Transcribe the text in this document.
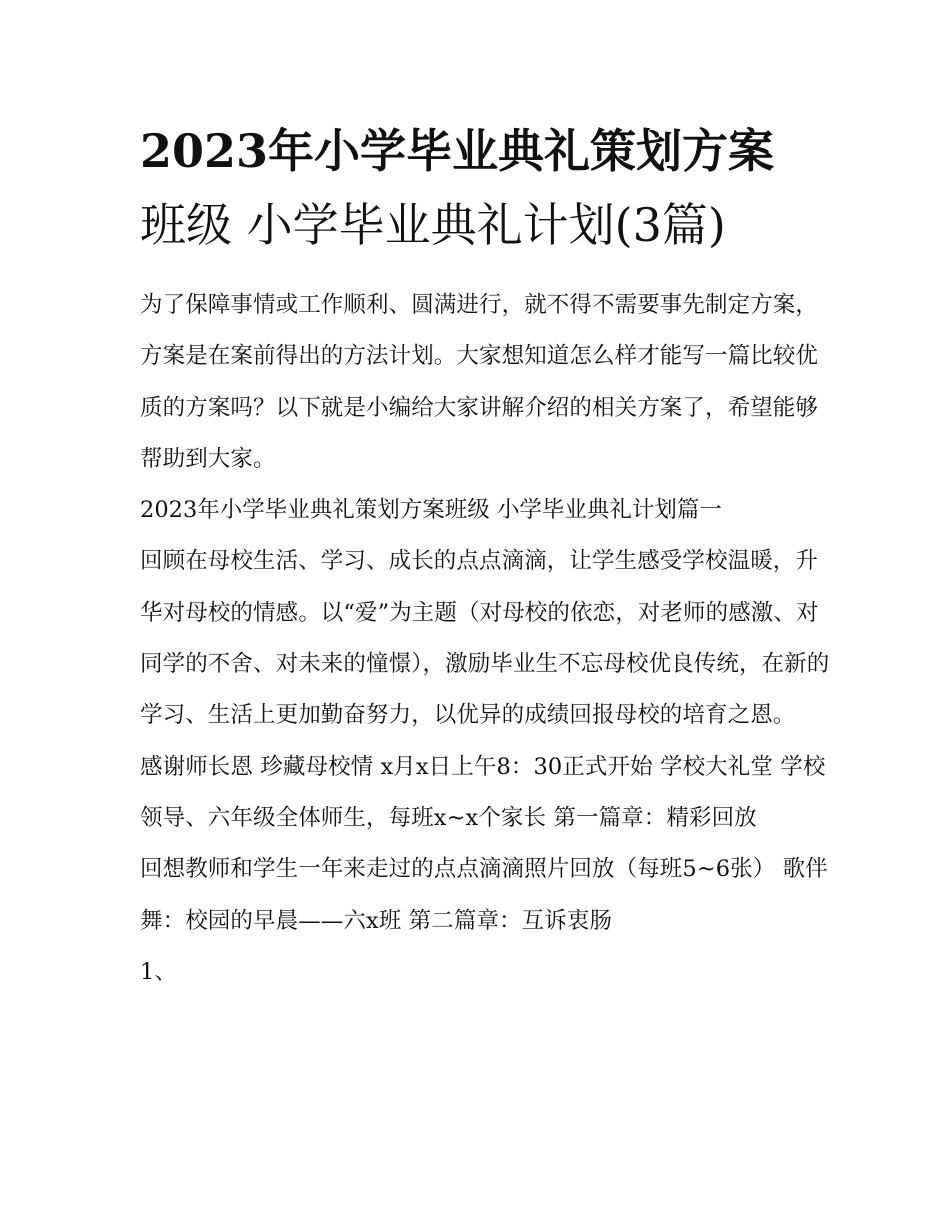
2023年小学毕业典礼策划方案
班级 小学毕业典礼计划(3篇)

为了保障事情或工作顺利、圆满进行，就不得不需要事先制定方案，方案是在案前得出的方法计划。大家想知道怎么样才能写一篇比较优质的方案吗？以下就是小编给大家讲解介绍的相关方案了，希望能够帮助到大家。

2023年小学毕业典礼策划方案班级 小学毕业典礼计划篇一

回顾在母校生活、学习、成长的点点滴滴，让学生感受学校温暖，升华对母校的情感。以“爱”为主题（对母校的依恋，对老师的感激、对同学的不舍、对未来的憧憬），激励毕业生不忘母校优良传统，在新的学习、生活上更加勤奋努力，以优异的成绩回报母校的培育之恩。

感谢师长恩 珍藏母校情 x月x日上午8：30正式开始 学校大礼堂 学校领导、六年级全体师生，每班x~x个家长 第一篇章：精彩回放

回想教师和学生一年来走过的点点滴滴照片回放（每班5~6张） 歌伴舞：校园的早晨——六x班 第二篇章：互诉衷肠

1、
